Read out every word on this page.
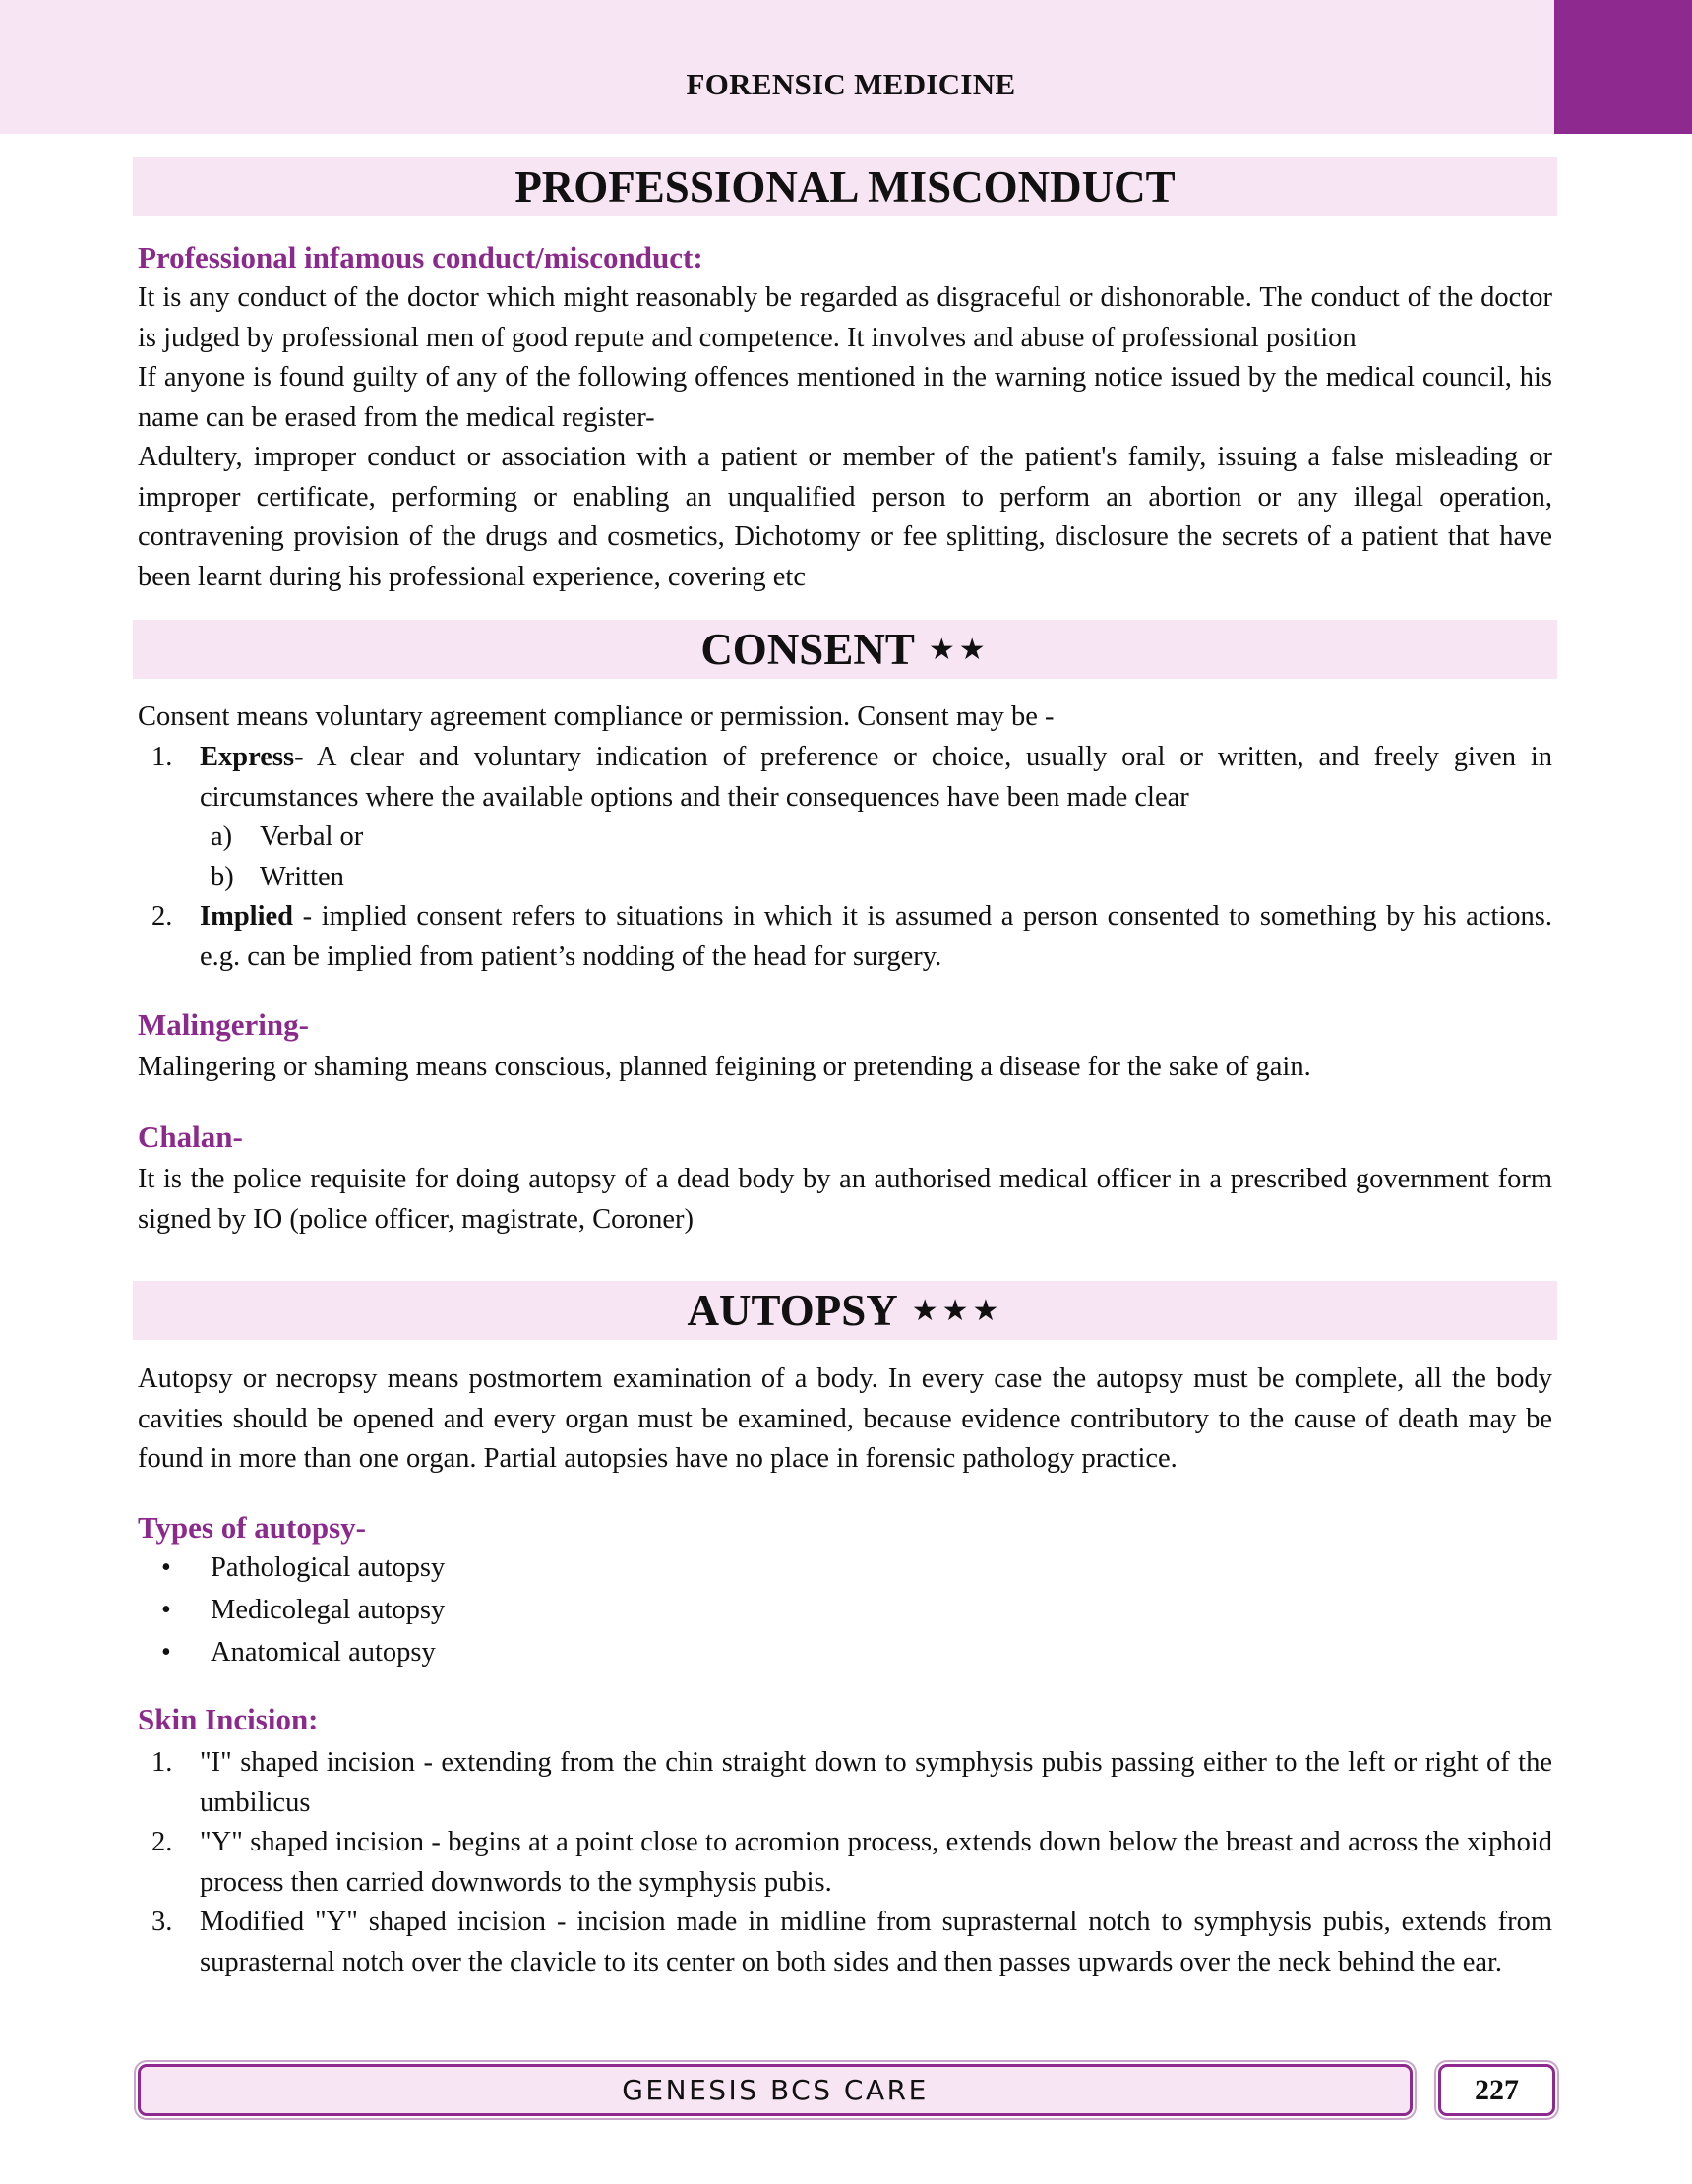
FORENSIC MEDICINE
PROFESSIONAL MISCONDUCT
Professional infamous conduct/misconduct:

It is any conduct of the doctor which might reasonably be regarded as disgraceful or dishonorable. The conduct of the doctor is judged by professional men of good repute and competence. It involves and abuse of professional position

If anyone is found guilty of any of the following offences mentioned in the warning notice issued by the medical council, his name can be erased from the medical register-

Adultery, improper conduct or association with a patient or member of the patient's family, issuing a false misleading or improper certificate, performing or enabling an unqualified person to perform an abortion or any illegal operation, contravening provision of the drugs and cosmetics, Dichotomy or fee splitting, disclosure the secrets of a patient that have been learnt during his professional experience, covering etc

CONSENT ★★

Consent means voluntary agreement compliance or permission. Consent may be -

1. Express- A clear and voluntary indication of preference or choice, usually oral or written, and freely given in circumstances where the available options and their consequences have been made clear
a) Verbal or
b) Written
2. Implied - implied consent refers to situations in which it is assumed a person consented to something by his actions. e.g. can be implied from patient’s nodding of the head for surgery.
Malingering-

Malingering or shaming means conscious, planned feigining or pretending a disease for the sake of gain.

Chalan-

It is the police requisite for doing autopsy of a dead body by an authorised medical officer in a prescribed government form signed by IO (police officer, magistrate, Coroner)

AUTOPSY ★★★

Autopsy or necropsy means postmortem examination of a body. In every case the autopsy must be complete, all the body cavities should be opened and every organ must be examined, because evidence contributory to the cause of death may be found in more than one organ. Partial autopsies have no place in forensic pathology practice.

Types of autopsy-
• Pathological autopsy
• Medicolegal autopsy
• Anatomical autopsy
Skin Incision:
1. "I" shaped incision - extending from the chin straight down to symphysis pubis passing either to the left or right of the umbilicus
2. "Y" shaped incision - begins at a point close to acromion process, extends down below the breast and across the xiphoid process then carried downwords to the symphysis pubis.
3. Modified "Y" shaped incision - incision made in midline from suprasternal notch to symphysis pubis, extends from suprasternal notch over the clavicle to its center on both sides and then passes upwards over the neck behind the ear.
GENESIS BCS CARE	227
